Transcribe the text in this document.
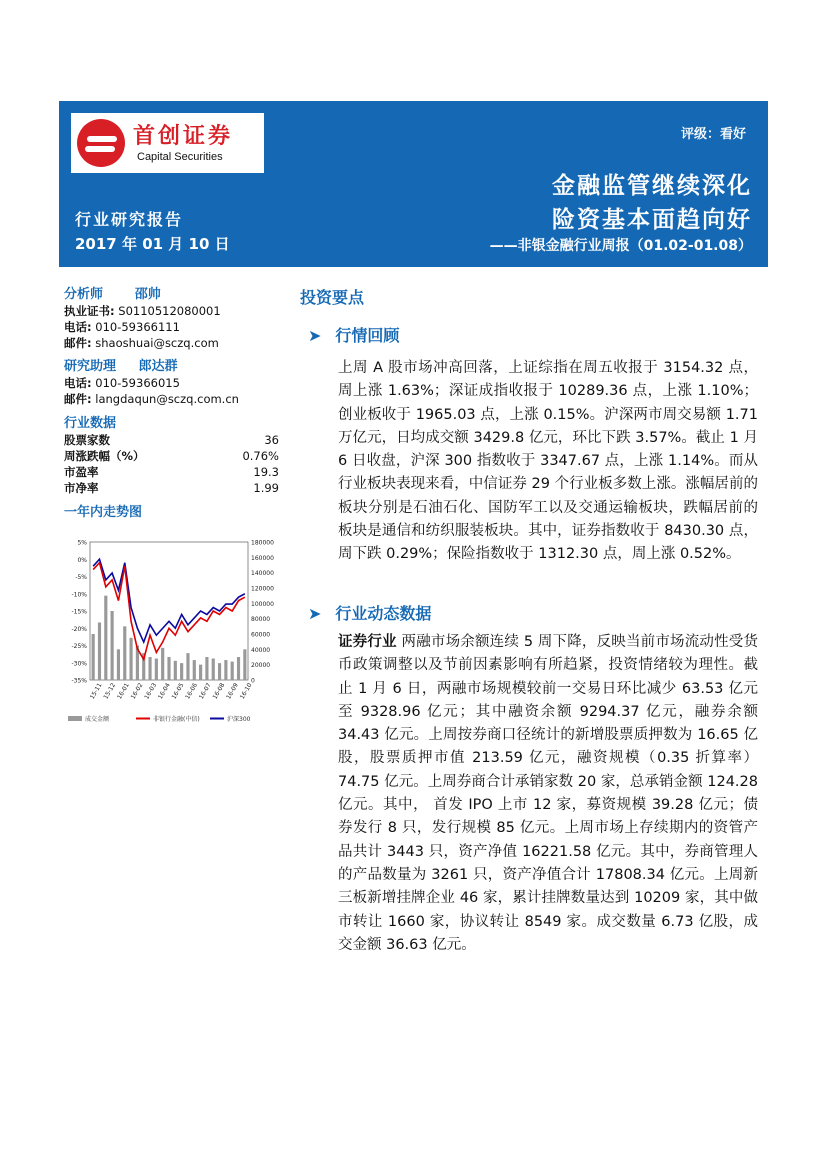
首创证券
Capital Securities
评级：看好
金融监管继续深化
险资基本面趋向好
——非银金融行业周报（01.02-01.08）
行业研究报告
2017 年 01 月 10 日
分析师 邵帅
执业证书: S0110512080001
电话: 010-59366111
邮件: shaoshuai@sczq.com
研究助理 郎达群
电话: 010-59366015
邮件: langdaqun@sczq.com.cn
行业数据
股票家数	36
周涨跌幅（%）	0.76%
市盈率	19.3
市净率	1.99
一年内走势图
5%
0%
-5%
-10%
-15%
-20%
-25%
-30%
-35%
180000
160000
140000
120000
100000
80000
60000
40000
20000
0
15-11
15-12
16-01
16-02
16-03
16-04
16-05
16-06
16-07
16-08
16-09
16-10
成交金额	非银行金融(中信)	沪深300
投资要点
➤ 行情回顾
上周 A 股市场冲高回落，上证综指在周五收报于 3154.32 点，周上涨 1.63%；深证成指收报于 10289.36 点，上涨 1.10%；创业板收于 1965.03 点，上涨 0.15%。沪深两市周交易额 1.71 万亿元，日均成交额 3429.8 亿元，环比下跌 3.57%。截止 1 月 6 日收盘，沪深 300 指数收于 3347.67 点，上涨 1.14%。而从行业板块表现来看，中信证券 29 个行业板多数上涨。涨幅居前的板块分别是石油石化、国防军工以及交通运输板块，跌幅居前的板块是通信和纺织服装板块。其中，证券指数收于 8430.30 点，周下跌 0.29%；保险指数收于 1312.30 点，周上涨 0.52%。
➤ 行业动态数据
证券行业 两融市场余额连续 5 周下降，反映当前市场流动性受货币政策调整以及节前因素影响有所趋紧，投资情绪较为理性。截止 1 月 6 日，两融市场规模较前一交易日环比减少 63.53 亿元至 9328.96 亿元；其中融资余额 9294.37 亿元，融券余额 34.43 亿元。上周按券商口径统计的新增股票质押数为 16.65 亿股，股票质押市值 213.59 亿元，融资规模（0.35 折算率）74.75 亿元。上周券商合计承销家数 20 家，总承销金额 124.28 亿元。其中， 首发 IPO 上市 12 家，募资规模 39.28 亿元；债券发行 8 只，发行规模 85 亿元。上周市场上存续期内的资管产品共计 3443 只，资产净值 16221.58 亿元。其中，券商管理人的产品数量为 3261 只，资产净值合计 17808.34 亿元。上周新三板新增挂牌企业 46 家，累计挂牌数量达到 10209 家，其中做市转让 1660 家，协议转让 8549 家。成交数量 6.73 亿股，成交金额 36.63 亿元。
